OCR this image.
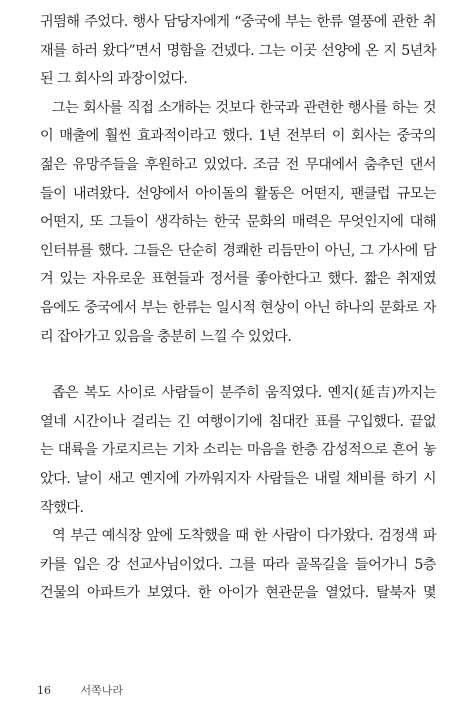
귀띔해 주었다. 행사 담당자에게 “중국에 부는 한류 열풍에 관한 취
재를 하러 왔다”면서 명함을 건넸다. 그는 이곳 선양에 온 지 5년차
된 그 회사의 과장이었다.
그는 회사를 직접 소개하는 것보다 한국과 관련한 행사를 하는 것
이 매출에 훨씬 효과적이라고 했다. 1년 전부터 이 회사는 중국의
젊은 유망주들을 후원하고 있었다. 조금 전 무대에서 춤추던 댄서
들이 내려왔다. 선양에서 아이돌의 활동은 어떤지, 팬클럽 규모는
어떤지, 또 그들이 생각하는 한국 문화의 매력은 무엇인지에 대해
인터뷰를 했다. 그들은 단순히 경쾌한 리듬만이 아닌, 그 가사에 담
겨 있는 자유로운 표현들과 정서를 좋아한다고 했다. 짧은 취재였
음에도 중국에서 부는 한류는 일시적 현상이 아닌 하나의 문화로 자
리 잡아가고 있음을 충분히 느낄 수 있었다.
좁은 복도 사이로 사람들이 분주히 움직였다. 옌지(延吉)까지는
열네 시간이나 걸리는 긴 여행이기에 침대칸 표를 구입했다. 끝없
는 대륙을 가로지르는 기차 소리는 마음을 한층 감성적으로 흔어 놓
았다. 날이 새고 옌지에 가까워지자 사람들은 내릴 채비를 하기 시
작했다.
역 부근 예식장 앞에 도착했을 때 한 사람이 다가왔다. 검정색 파
카를 입은 강 선교사님이었다. 그를 따라 골목길을 들어가니 5층
건물의 아파트가 보였다. 한 아이가 현관문을 열었다. 탈북자 몇
16	서쪽나라
